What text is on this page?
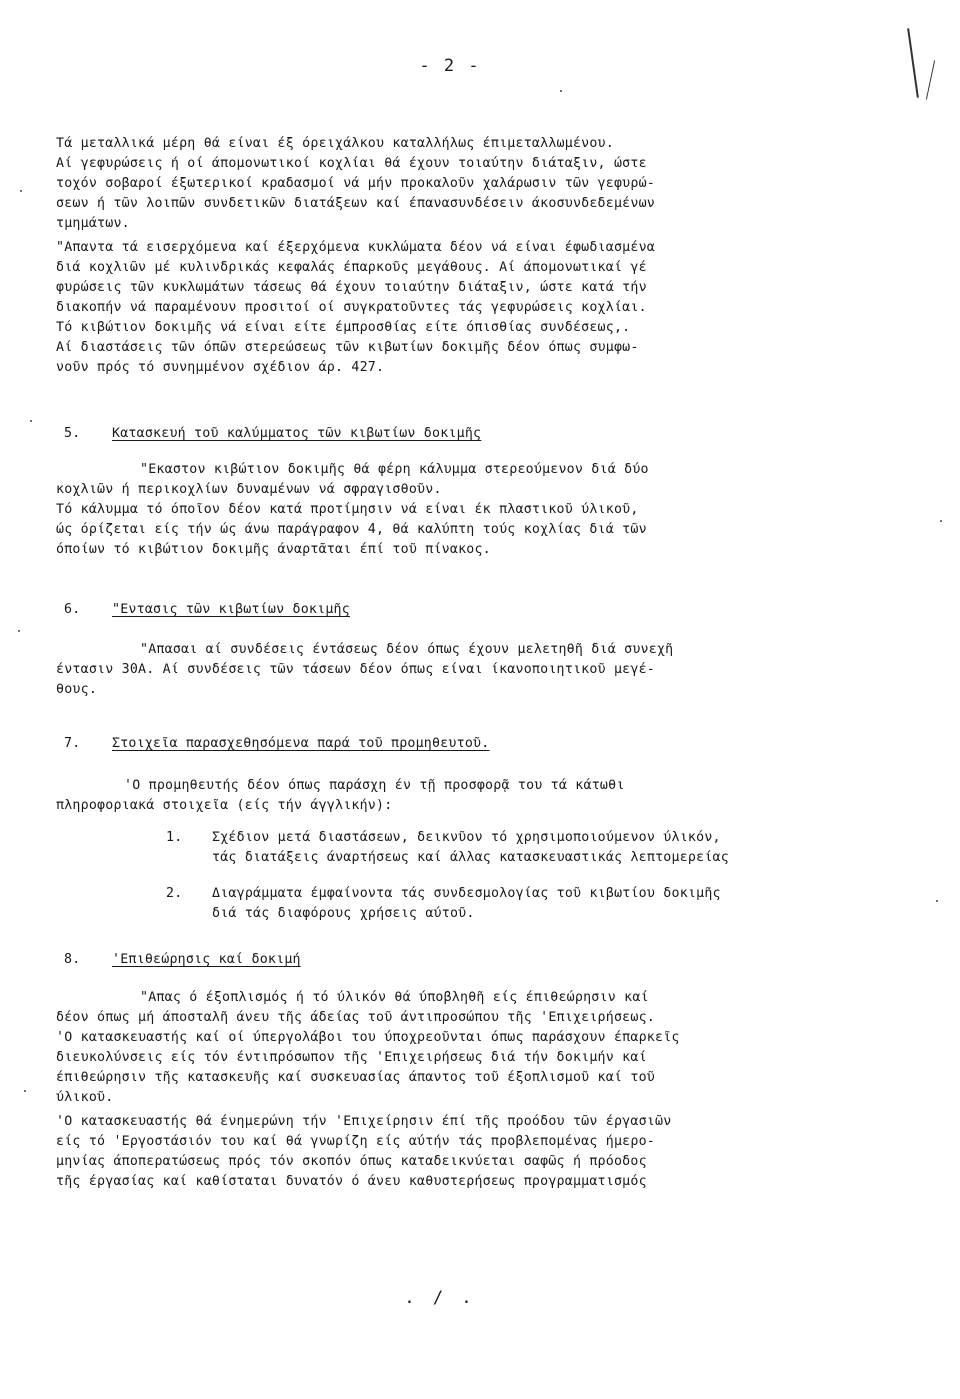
- 2 -
Τά μεταλλικά μέρη θά είναι έξ όρειχάλκου καταλλήλως έπιμεταλλωμένου.
Αί γεφυρώσεις ή οί άπομονωτικοί κοχλίαι θά έχουν τοιαύτην διάταξιν, ώστε
τοχόν σοβαροί έξωτερικοί κραδασμοί νά μήν προκαλοῦν χαλάρωσιν τῶν γεφυρώ-
σεων ή τῶν λοιπῶν συνδετικῶν διατάξεων καί έπανασυνδέσειν άκοσυνδεδεμένων
τμημάτων.
"Απαντα τά εισερχόμενα καί έξερχόμενα κυκλώματα δέον νά είναι έφωδιασμένα
διά κοχλιῶν μέ κυλινδρικάς κεφαλάς έπαρκοῦς μεγάθους. Αί άπομονωτικαί γέ
φυρώσεις τῶν κυκλωμάτων τάσεως θά έχουν τοιαύτην διάταξιν, ώστε κατά τήν
διακοπήν νά παραμένουν προσιτοί οί συγκρατοῦντες τάς γεφυρώσεις κοχλίαι.
Τό κιβώτιον δοκιμῆς νά είναι είτε έμπροσθίας είτε όπισθίας συνδέσεως,.
Αί διαστάσεις τῶν όπῶν στερεώσεως τῶν κιβωτίων δοκιμῆς δέον όπως συμφω-
νοῦν πρός τό συνημμένον σχέδιον άρ. 427.
5. Κατασκευή τοῦ καλύμματος τῶν κιβωτίων δοκιμῆς
"Εκαστον κιβώτιον δοκιμῆς θά φέρη κάλυμμα στερεούμενον διά δύο
κοχλιῶν ή περικοχλίων δυναμένων νά σφραγισθοῦν.
Τό κάλυμμα τό όποῖον δέον κατά προτίμησιν νά είναι έκ πλαστικοῦ ύλικοῦ,
ώς όρίζεται είς τήν ώς άνω παράγραφον 4, θά καλύπτη τούς κοχλίας διά τῶν
όποίων τό κιβώτιον δοκιμῆς άναρτᾶται έπί τοῦ πίνακος.
6. "Εντασις τῶν κιβωτίων δοκιμῆς
"Απασαι αί συνδέσεις έντάσεως δέον όπως έχουν μελετηθῆ διά συνεχῆ
έντασιν 30Α. Αί συνδέσεις τῶν τάσεων δέον όπως είναι ίκανοποιητικοῦ μεγέ-
θους.
7. Στοιχεῖα παρασχεθησόμενα παρά τοῦ προμηθευτοῦ.
'Ο προμηθευτής δέον όπως παράσχη έν τῇ προσφορᾷ του τά κάτωθι
πληροφοριακά στοιχεῖα (είς τήν άγγλικήν):
1. Σχέδιον μετά διαστάσεων, δεικνῦον τό χρησιμοποιούμενον ύλικόν,
τάς διατάξεις άναρτήσεως καί άλλας κατασκευαστικάς λεπτομερείας
2. Διαγράμματα έμφαίνοντα τάς συνδεσμολογίας τοῦ κιβωτίου δοκιμῆς
διά τάς διαφόρους χρήσεις αύτοῦ.
8. 'Επιθεώρησις καί δοκιμή
"Απας ό έξοπλισμός ή τό ύλικόν θά ύποβληθῆ είς έπιθεώρησιν καί
δέον όπως μή άποσταλῆ άνευ τῆς άδείας τοῦ άντιπροσώπου τῆς 'Επιχειρήσεως.
'Ο κατασκευαστής καί οί ύπεργολάβοι του ύποχρεοῦνται όπως παράσχουν έπαρκεῖς
διευκολύνσεις είς τόν έντιπρόσωπον τῆς 'Επιχειρήσεως διά τήν δοκιμήν καί
έπιθεώρησιν τῆς κατασκευῆς καί συσκευασίας άπαντος τοῦ έξοπλισμοῦ καί τοῦ
ύλικοῦ.
'Ο κατασκευαστής θά ένημερώνη τήν 'Επιχείρησιν έπί τῆς προόδου τῶν έργασιῶν
είς τό 'Εργοστάσιόν του καί θά γνωρίζη είς αύτήν τάς προβλεπομένας ήμερο-
μηνίας άποπερατώσεως πρός τόν σκοπόν όπως καταδεικνύεται σαφῶς ή πρόοδος
τῆς έργασίας καί καθίσταται δυνατόν ό άνευ καθυστερήσεως προγραμματισμός
. / .
